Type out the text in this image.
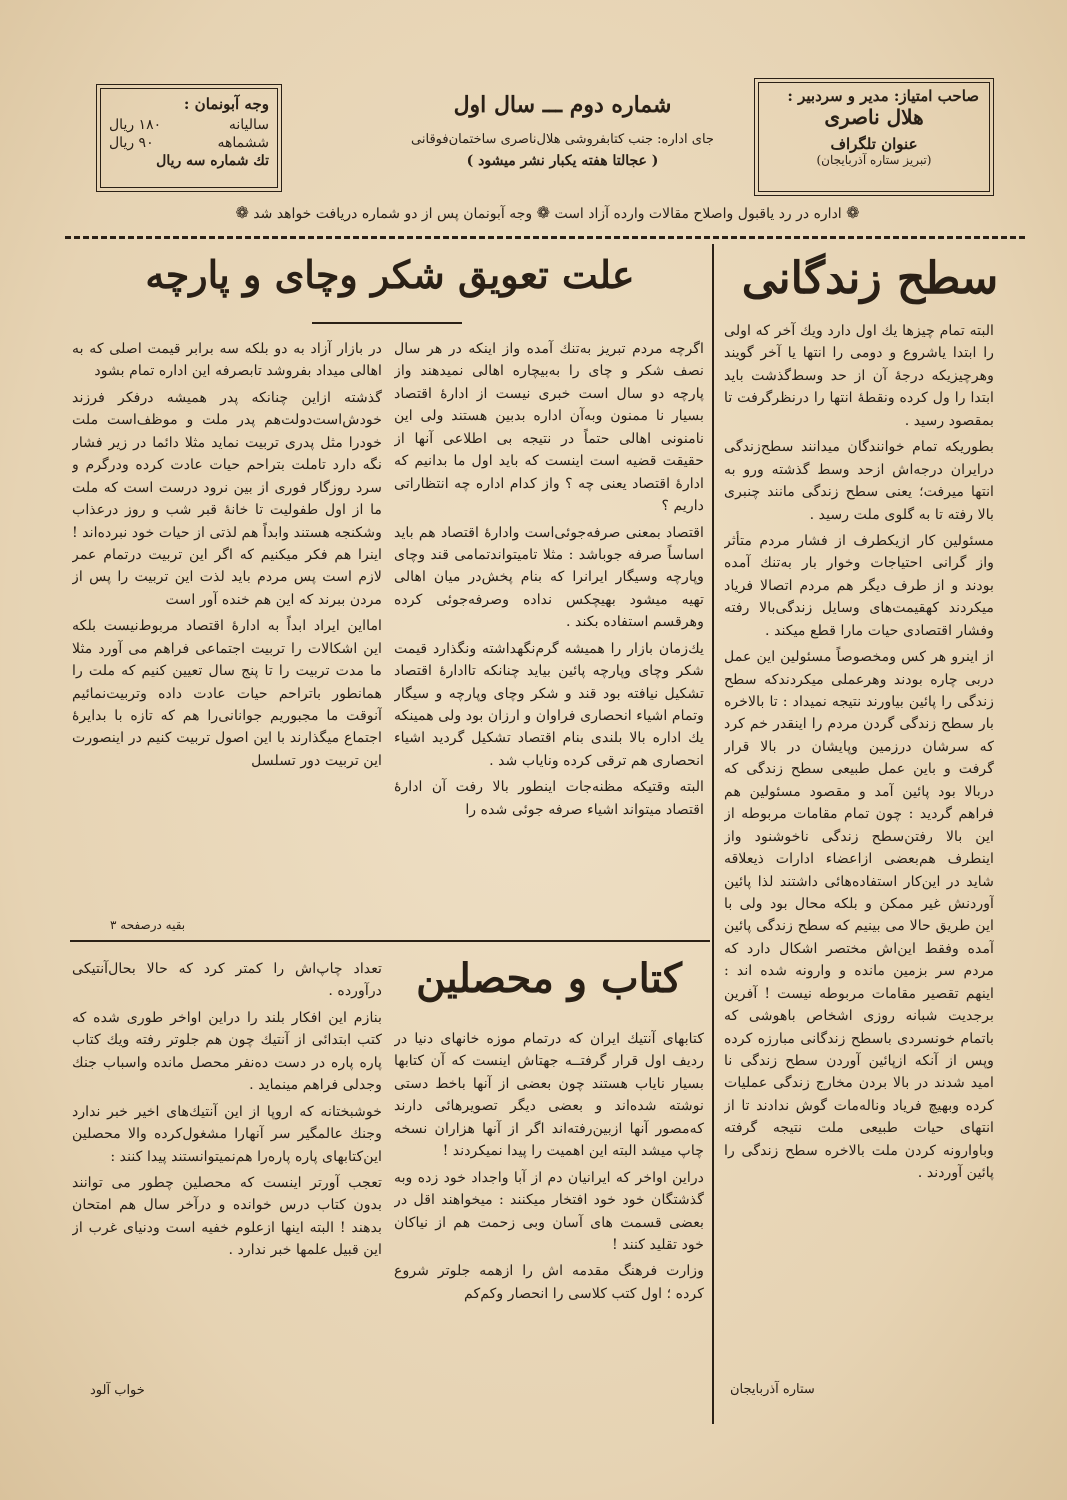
وجه آبونمان :
سالیانه
۱۸۰ ریال
ششماهه
۹۰ ریال
تك شماره سه ریال
شماره دوم ـــ سال اول
جای اداره: جنب کتابفروشی هلال‌ناصری ساختمان‌فوقانی
( عجالتا هفته یکبار نشر میشود )
صاحب امتیاز: مدیر و سردبیر :
هلال ناصری
عنوان تلگراف
(تبریز ستاره آذربایجان)
❁ اداره در رد یاقبول واصلاح مقالات وارده آزاد است ❁ وجه آبونمان پس از دو شماره دریافت خواهد شد ❁
سطح زندگانی

البته تمام چیزها یك اول دارد ویك آخر که اولی را ابتدا یاشروع و دومی را انتها یا آخر گویند وهرچیزیکه درجهٔ آن از حد وسط‌گذشت باید ابتدا را ول کرده ونقطهٔ انتها را درنظرگرفت تا بمقصود رسید .

بطوریکه تمام خوانندگان میدانند سطح‌زندگی درایران درجه‌اش ازحد وسط گذشته ورو به انتها میرفت؛ یعنی سطح زندگی مانند چنبری بالا رفته تا به گلوی ملت رسید .

مسئولین کار ازیکطرف از فشار مردم متأثر واز گرانی احتیاجات وخوار بار به‌تنك آمده بودند و از طرف دیگر هم مردم اتصالا فریاد میکردند کهقیمت‌های وسایل زندگی‌بالا رفته وفشار اقتصادی حیات مارا قطع میکند .

از اینرو هر کس ومخصوصاً مسئولین این عمل دربی چاره بودند وهرعملی میکردندکه سطح زندگی را پائین بیاورند نتیجه نمیداد : تا بالاخره بار سطح زندگی گردن مردم را اینقدر خم کرد که سرشان درزمین وپایشان در بالا قرار گرفت و باین عمل طبیعی سطح زندگی که دربالا بود پائین آمد و مقصود مسئولین هم فراهم گردید : چون تمام مقامات مربوطه از این بالا رفتن‌سطح زندگی ناخوشنود واز اینطرف هم‌بعضی ازاعضاء ادارات ذیعلاقه شاید در این‌کار استفاده‌هائی داشتند لذا پائین آوردنش غیر ممکن و بلکه محال بود ولی با این طریق حالا می بینیم که سطح زندگی پائین آمده وفقط این‌اش مختصر اشکال دارد که مردم سر بزمین مانده و وارونه شده اند : اینهم تقصیر مقامات مربوطه نیست ! آفرین برجدیت شبانه روزی اشخاص باهوشی که باتمام خونسردی باسطح زندگانی مبارزه کرده وپس از آنکه ازپائین آوردن سطح زندگی نا امید شدند در بالا بردن مخارج زندگی عملیات کرده وبهیچ فریاد وناله‌مات گوش ندادند تا از انتهای حیات طبیعی ملت نتیجه گرفته وباوارونه کردن ملت بالاخره سطح زندگی را پائین آوردند .

ستاره آذربایجان
علت تعویق شکر وچای و پارچه

اگرچه مردم تبریز به‌تنك آمده واز اینکه در هر سال نصف شکر و چای را به‌بیچاره اهالی نمیدهند واز پارچه دو سال است خبری نیست از ادارهٔ اقتصاد بسیار نا ممنون وبه‌آن اداره بدبین هستند ولی این نامنونی اهالی حتماً در نتیجه بی اطلاعی آنها از حقیقت قضیه است اینست که باید اول ما بدانیم که ادارهٔ اقتصاد یعنی چه ؟ واز کدام اداره چه انتظاراتی داریم ؟

اقتصاد بمعنی صرفه‌جوئی‌است وادارهٔ اقتصاد هم باید اساساً صرفه جوباشد : مثلا تامیتواند‌تمامی قند وچای وپارچه وسیگار ایرانرا که بنام پخش‌در میان اهالی تهیه میشود بهیچکس نداده وصرفه‌جوئی کرده وهرقسم استفاده بکند .

یك‌زمان بازار را همیشه گرم‌نگهداشته ونگذارد قیمت شکر وچای وپارچه پائین بیاید چنانکه تاادارهٔ اقتصاد تشکیل نیافته بود قند و شکر وچای وپارچه و سیگار وتمام اشیاء انحصاری فراوان و ارزان بود ولی همینکه یك اداره بالا بلندی بنام اقتصاد تشکیل گردید اشیاء انحصاری هم ترقی کرده ونایاب شد .

البته وقتیکه مظنه‌جات اینطور بالا رفت آن ادارهٔ اقتصاد میتواند اشیاء صرفه جوئی شده را

در بازار آزاد به دو بلکه سه برابر قیمت اصلی که به اهالی میداد بفروشد تابصرفه این اداره تمام بشود

گذشته ازاین چنانکه پدر همیشه درفکر فرزند خودش‌است‌دولت‌هم پدر ملت و موظف‌است ملت خودرا مثل پدری تربیت نماید مثلا دائما در زیر فشار نگه دارد تاملت بتراحم حیات عادت کرده ودرگرم و سرد روزگار فوری از بین نرود درست است که ملت ما از اول طفولیت تا خانهٔ قبر شب و روز درعذاب وشکنجه هستند وابداً هم لذتی از حیات خود نبرده‌اند ! اینرا هم فکر میکنیم که اگر این تربیت درتمام عمر لازم است پس مردم باید لذت این تربیت را پس از مردن ببرند که این هم خنده آور است

امااین ایراد ابداً به ادارهٔ اقتصاد مربوط‌نیست بلکه این اشکالات را تربیت اجتماعی فراهم می آورد مثلا ما مدت تربیت را تا پنج سال تعیین کنیم که ملت را همانطور باتراحم حیات عادت داده وتربیت‌نمائیم آنوقت ما مجبوریم جوانانی‌را هم که تازه با بدایرهٔ اجتماع میگذارند با این اصول تربیت کنیم در اینصورت این تربیت دور تسلسل

بقیه درصفحه ۳
کتاب و محصلین

کتابهای آنتیك ایران که درتمام موزه خانهای دنیا در ردیف اول قرار گرفتــه جهتاش اینست که آن کتابها بسیار نایاب هستند چون بعضی از آنها باخط دستی نوشته شده‌اند و بعضی دیگر تصویرهائی دارند که‌مصور آنها ازبین‌رفته‌اند اگر از آنها هزاران نسخه چاپ میشد البته این اهمیت را پیدا نمیکردند !

دراین اواخر که ایرانیان دم از آبا واجداد خود زده وبه گذشتگان خود خود افتخار میکنند : میخواهند اقل در بعضی قسمت های آسان وبی زحمت هم از نیاکان خود تقلید کنند !

وزارت فرهنگ مقدمه اش را ازهمه جلوتر شروع کرده ؛ اول کتب کلاسی را انحصار وکم‌کم

تعداد چاپ‌اش را کمتر کرد که حالا بحال‌آنتیکی درآورده .

بنازم این افکار بلند را دراین اواخر طوری شده که کتب ابتدائی از آنتیك چون هم جلوتر رفته ویك کتاب پاره پاره در دست ده‌نفر محصل مانده واسباب جنك وجدلی فراهم مینماید .

خوشبختانه که اروپا از این آنتیك‌های اخیر خبر ندارد وجنك عالمگیر سر آنهارا مشغول‌کرده والا محصلین این‌کتابهای پاره پاره‌را هم‌نمیتوانستند پیدا کنند :

تعجب آورتر اینست که محصلین چطور می توانند بدون کتاب درس خوانده و درآخر سال هم امتحان بدهند ! البته اینها ازعلوم خفیه است ودنیای غرب از این قبیل علمها خبر ندارد .

خواب آلود
